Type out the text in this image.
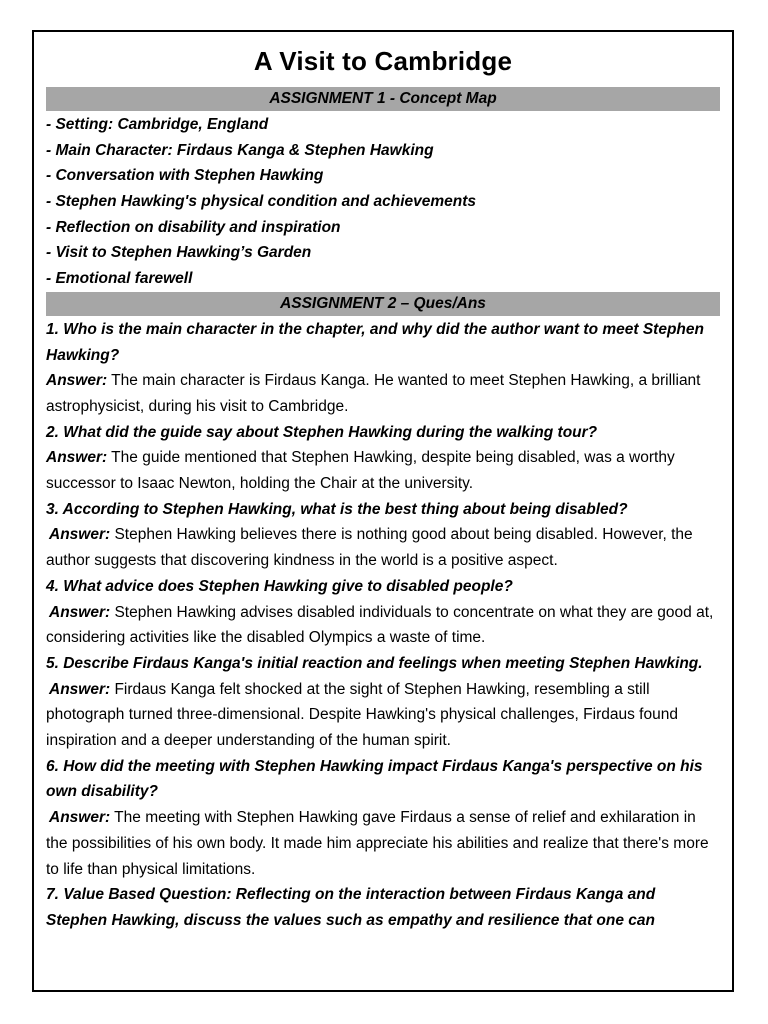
A Visit to Cambridge
ASSIGNMENT 1 - Concept Map
- Setting: Cambridge, England
- Main Character: Firdaus Kanga & Stephen Hawking
- Conversation with Stephen Hawking
- Stephen Hawking's physical condition and achievements
- Reflection on disability and inspiration
- Visit to Stephen Hawking’s Garden
- Emotional farewell
ASSIGNMENT 2 – Ques/Ans
1. Who is the main character in the chapter, and why did the author want to meet Stephen Hawking?
Answer: The main character is Firdaus Kanga. He wanted to meet Stephen Hawking, a brilliant astrophysicist, during his visit to Cambridge.
2. What did the guide say about Stephen Hawking during the walking tour?
Answer: The guide mentioned that Stephen Hawking, despite being disabled, was a worthy successor to Isaac Newton, holding the Chair at the university.
3. According to Stephen Hawking, what is the best thing about being disabled?
Answer: Stephen Hawking believes there is nothing good about being disabled. However, the author suggests that discovering kindness in the world is a positive aspect.
4. What advice does Stephen Hawking give to disabled people?
Answer: Stephen Hawking advises disabled individuals to concentrate on what they are good at, considering activities like the disabled Olympics a waste of time.
5. Describe Firdaus Kanga's initial reaction and feelings when meeting Stephen Hawking.
Answer: Firdaus Kanga felt shocked at the sight of Stephen Hawking, resembling a still photograph turned three-dimensional. Despite Hawking's physical challenges, Firdaus found inspiration and a deeper understanding of the human spirit.
6. How did the meeting with Stephen Hawking impact Firdaus Kanga's perspective on his own disability?
Answer: The meeting with Stephen Hawking gave Firdaus a sense of relief and exhilaration in the possibilities of his own body. It made him appreciate his abilities and realize that there's more to life than physical limitations.
7. Value Based Question: Reflecting on the interaction between Firdaus Kanga and Stephen Hawking, discuss the values such as empathy and resilience that one can
